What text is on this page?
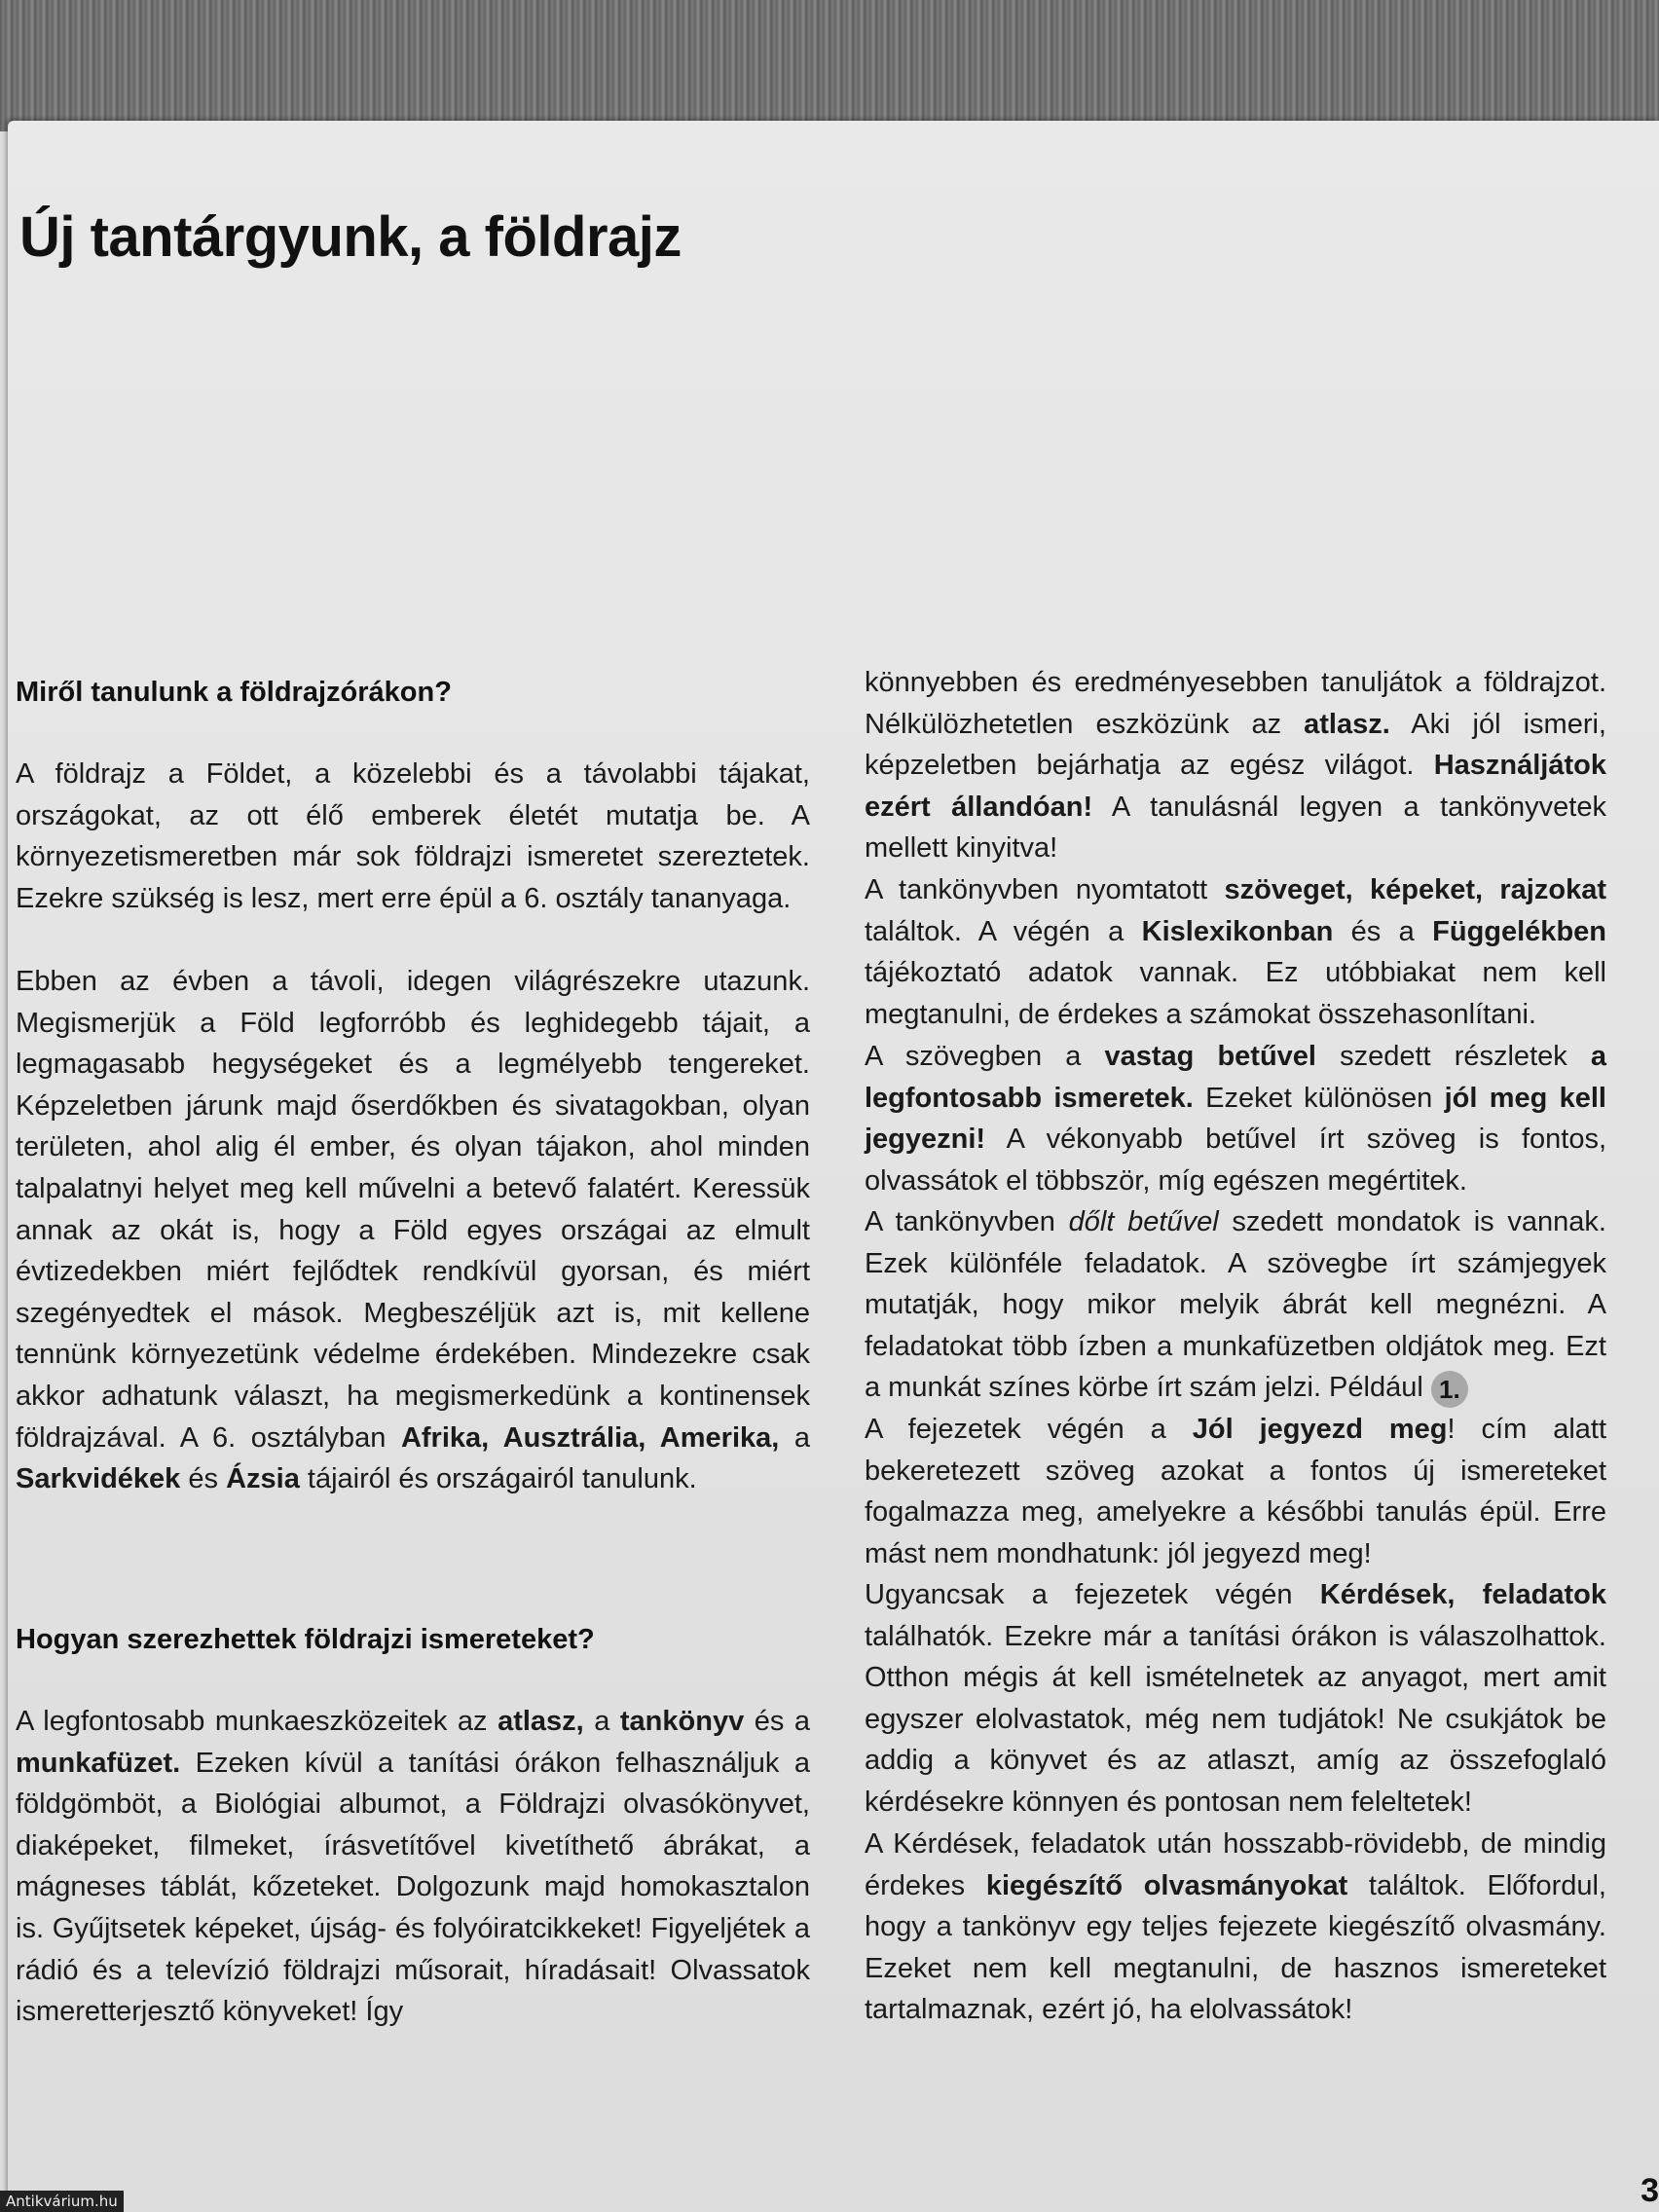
Új tantárgyunk, a földrajz
Miről tanulunk a földrajzórákon?

A földrajz a Földet, a közelebbi és a távolabbi tájakat, országokat, az ott élő emberek életét mutatja be. A környezetismeretben már sok földrajzi ismeretet szereztetek. Ezekre szükség is lesz, mert erre épül a 6. osztály tananyaga.

Ebben az évben a távoli, idegen világrészekre utazunk. Megismerjük a Föld legforróbb és leghidegebb tájait, a legmagasabb hegységeket és a legmélyebb tengereket. Képzeletben járunk majd őserdőkben és sivatagokban, olyan területen, ahol alig él ember, és olyan tájakon, ahol minden talpalatnyi helyet meg kell művelni a betevő falatért. Keressük annak az okát is, hogy a Föld egyes országai az elmult évtizedekben miért fejlődtek rendkívül gyorsan, és miért szegényedtek el mások. Megbeszéljük azt is, mit kellene tennünk környezetünk védelme érdekében. Mindezekre csak akkor adhatunk választ, ha megismerkedünk a kontinensek földrajzával. A 6. osztályban Afrika, Ausztrália, Amerika, a Sarkvidékek és Ázsia tájairól és országairól tanulunk.

Hogyan szerezhettek földrajzi ismereteket?

A legfontosabb munkaeszközeitek az atlasz, a tankönyv és a munkafüzet. Ezeken kívül a tanítási órákon felhasználjuk a földgömböt, a Biológiai albumot, a Földrajzi olvasókönyvet, diaképeket, filmeket, írásvetítővel kivetíthető ábrákat, a mágneses táblát, kőzeteket. Dolgozunk majd homokasztalon is. Gyűjtsetek képeket, újság- és folyóiratcikkeket! Figyeljétek a rádió és a televízió földrajzi műsorait, híradásait! Olvassatok ismeretterjesztő könyveket! Így

könnyebben és eredményesebben tanuljátok a földrajzot. Nélkülözhetetlen eszközünk az atlasz. Aki jól ismeri, képzeletben bejárhatja az egész világot. Használjátok ezért állandóan! A tanulásnál legyen a tankönyvetek mellett kinyitva!

A tankönyvben nyomtatott szöveget, képeket, rajzokat találtok. A végén a Kislexikonban és a Függelékben tájékoztató adatok vannak. Ez utóbbiakat nem kell megtanulni, de érdekes a számokat összehasonlítani.

A szövegben a vastag betűvel szedett részletek a legfontosabb ismeretek. Ezeket különösen jól meg kell jegyezni! A vékonyabb betűvel írt szöveg is fontos, olvassátok el többször, míg egészen megértitek.

A tankönyvben dőlt betűvel szedett mondatok is vannak. Ezek különféle feladatok. A szövegbe írt számjegyek mutatják, hogy mikor melyik ábrát kell megnézni. A feladatokat több ízben a munkafüzetben oldjátok meg. Ezt a munkát színes körbe írt szám jelzi. Például 1.

A fejezetek végén a Jól jegyezd meg! cím alatt bekeretezett szöveg azokat a fontos új ismereteket fogalmazza meg, amelyekre a későbbi tanulás épül. Erre mást nem mondhatunk: jól jegyezd meg!

Ugyancsak a fejezetek végén Kérdések, feladatok találhatók. Ezekre már a tanítási órákon is válaszolhattok. Otthon mégis át kell ismételnetek az anyagot, mert amit egyszer elolvastatok, még nem tudjátok! Ne csukjátok be addig a könyvet és az atlaszt, amíg az összefoglaló kérdésekre könnyen és pontosan nem feleltetek!

A Kérdések, feladatok után hosszabb-rövidebb, de mindig érdekes kiegészítő olvasmányokat találtok. Előfordul, hogy a tankönyv egy teljes fejezete kiegészítő olvasmány. Ezeket nem kell megtanulni, de hasznos ismereteket tartalmaznak, ezért jó, ha elolvassátok!

Antikvárium.hu	3
